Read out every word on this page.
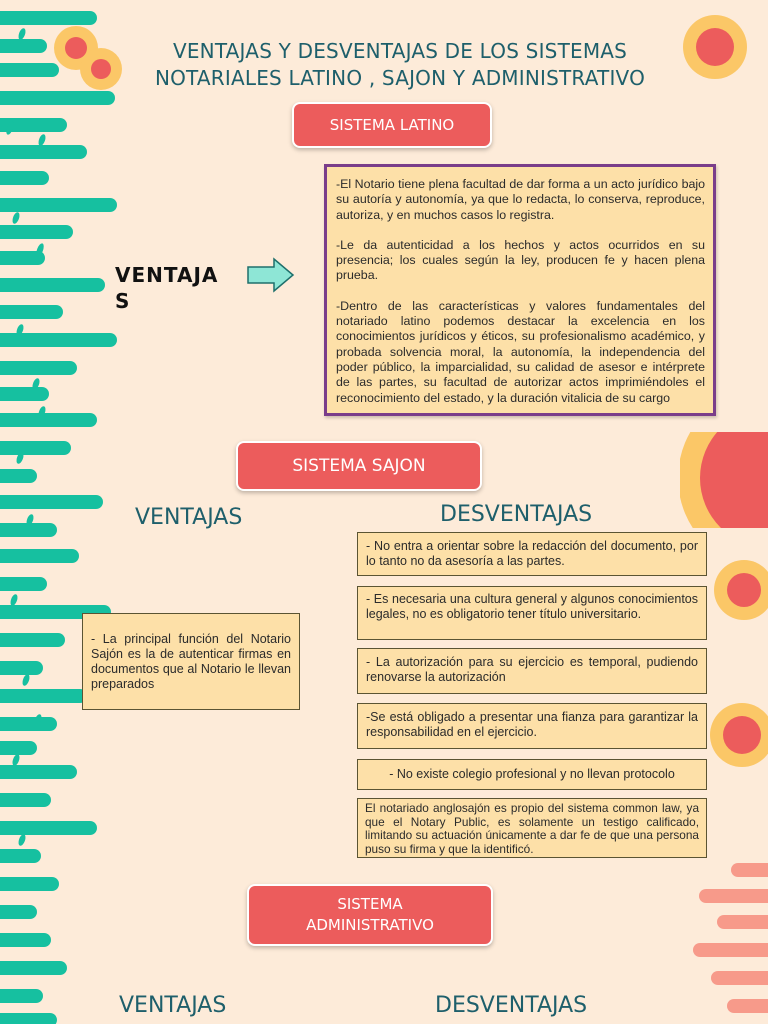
VENTAJAS Y DESVENTAJAS DE LOS SISTEMAS
NOTARIALES LATINO , SAJON Y ADMINISTRATIVO
SISTEMA LATINO
VENTAJA
S

-El Notario tiene plena facultad de dar forma a un acto jurídico bajo su autoría y autonomía, ya que lo redacta, lo conserva, reproduce, autoriza, y en muchos casos lo registra.

-Le da autenticidad a los hechos y actos ocurridos en su presencia; los cuales según la ley, producen fe y hacen plena prueba.

-Dentro de las características y valores fundamentales del notariado latino podemos destacar la excelencia en los conocimientos jurídicos y éticos, su profesionalismo académico, y probada solvencia moral, la autonomía, la independencia del poder público, la imparcialidad, su calidad de asesor e intérprete de las partes, su facultad de autorizar actos imprimiéndoles el reconocimiento del estado, y la duración vitalicia de su cargo

SISTEMA SAJON
VENTAJAS	DESVENTAJAS
- La principal función del Notario Sajón es la de autenticar firmas en documentos que al Notario le llevan preparados
- No entra a orientar sobre la redacción del documento, por lo tanto no da asesoría a las partes.
- Es necesaria una cultura general y algunos conocimientos legales, no es obligatorio tener título universitario.
- La autorización para su ejercicio es temporal, pudiendo renovarse la autorización
-Se está obligado a presentar una fianza para garantizar la responsabilidad en el ejercicio.
- No existe colegio profesional y no llevan protocolo
El notariado anglosajón es propio del sistema common law, ya que el Notary Public, es solamente un testigo calificado, limitando su actuación únicamente a dar fe de que una persona puso su firma y que la identificó.
SISTEMA
ADMINISTRATIVO
VENTAJAS	DESVENTAJAS
